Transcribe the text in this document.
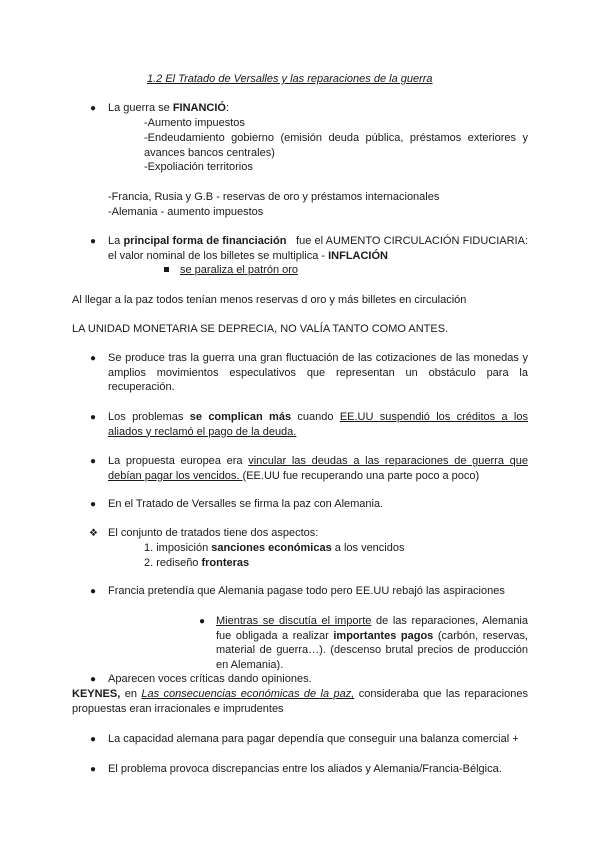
1.2 El Tratado de Versalles y las reparaciones de la guerra
● La guerra se FINANCIÓ:
-Aumento impuestos
-Endeudamiento gobierno (emisión deuda pública, préstamos exteriores y avances bancos centrales)
-Expoliación territorios
-Francia, Rusia y G.B - reservas de oro y préstamos internacionales
-Alemania - aumento impuestos
● La principal forma de financiación fue el AUMENTO CIRCULACIÓN FIDUCIARIA: el valor nominal de los billetes se multiplica - INFLACIÓN
se paraliza el patrón oro
Al llegar a la paz todos tenían menos reservas d oro y más billetes en circulación
LA UNIDAD MONETARIA SE DEPRECIA, NO VALÍA TANTO COMO ANTES.
● Se produce tras la guerra una gran fluctuación de las cotizaciones de las monedas y amplios movimientos especulativos que representan un obstáculo para la recuperación.
● Los problemas se complican más cuando EE.UU suspendió los créditos a los aliados y reclamó el pago de la deuda.
● La propuesta europea era vincular las deudas a las reparaciones de guerra que debían pagar los vencidos. (EE.UU fue recuperando una parte poco a poco)
● En el Tratado de Versalles se firma la paz con Alemania.
❖ El conjunto de tratados tiene dos aspectos:
1. imposición sanciones económicas a los vencidos
2. rediseño fronteras
● Francia pretendía que Alemania pagase todo pero EE.UU rebajó las aspiraciones
● Mientras se discutía el importe de las reparaciones, Alemania fue obligada a realizar importantes pagos (carbón, reservas, material de guerra…). (descenso brutal precios de producción en Alemania).
● Aparecen voces críticas dando opiniones.
KEYNES, en Las consecuencias económicas de la paz, consideraba que las reparaciones propuestas eran irracionales e imprudentes
● La capacidad alemana para pagar dependía que conseguir una balanza comercial +
● El problema provoca discrepancias entre los aliados y Alemania/Francia-Bélgica.
